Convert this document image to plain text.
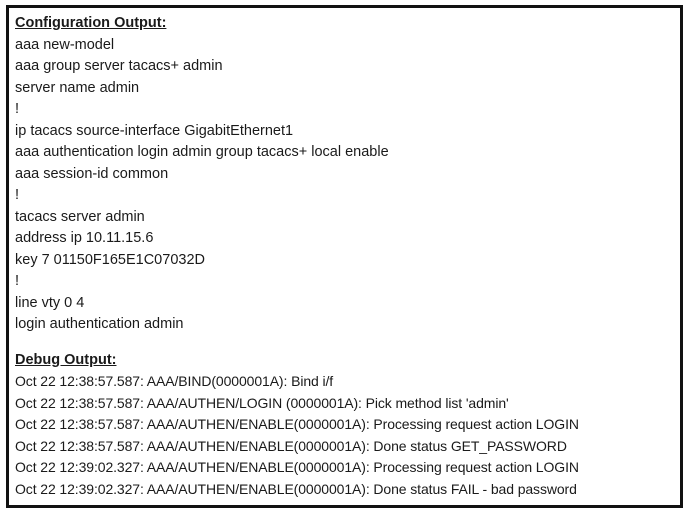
Configuration Output:
aaa new-model
aaa group server tacacs+ admin
server name admin
!
ip tacacs source-interface GigabitEthernet1
aaa authentication login admin group tacacs+ local enable
aaa session-id common
!
tacacs server admin
address ip 10.11.15.6
key 7 01150F165E1C07032D
!
line vty 0 4
login authentication admin
Debug Output:
Oct 22 12:38:57.587: AAA/BIND(0000001A): Bind i/f
Oct 22 12:38:57.587: AAA/AUTHEN/LOGIN (0000001A): Pick method list 'admin'
Oct 22 12:38:57.587: AAA/AUTHEN/ENABLE(0000001A): Processing request action LOGIN
Oct 22 12:38:57.587: AAA/AUTHEN/ENABLE(0000001A): Done status GET_PASSWORD
Oct 22 12:39:02.327: AAA/AUTHEN/ENABLE(0000001A): Processing request action LOGIN
Oct 22 12:39:02.327: AAA/AUTHEN/ENABLE(0000001A): Done status FAIL - bad password
